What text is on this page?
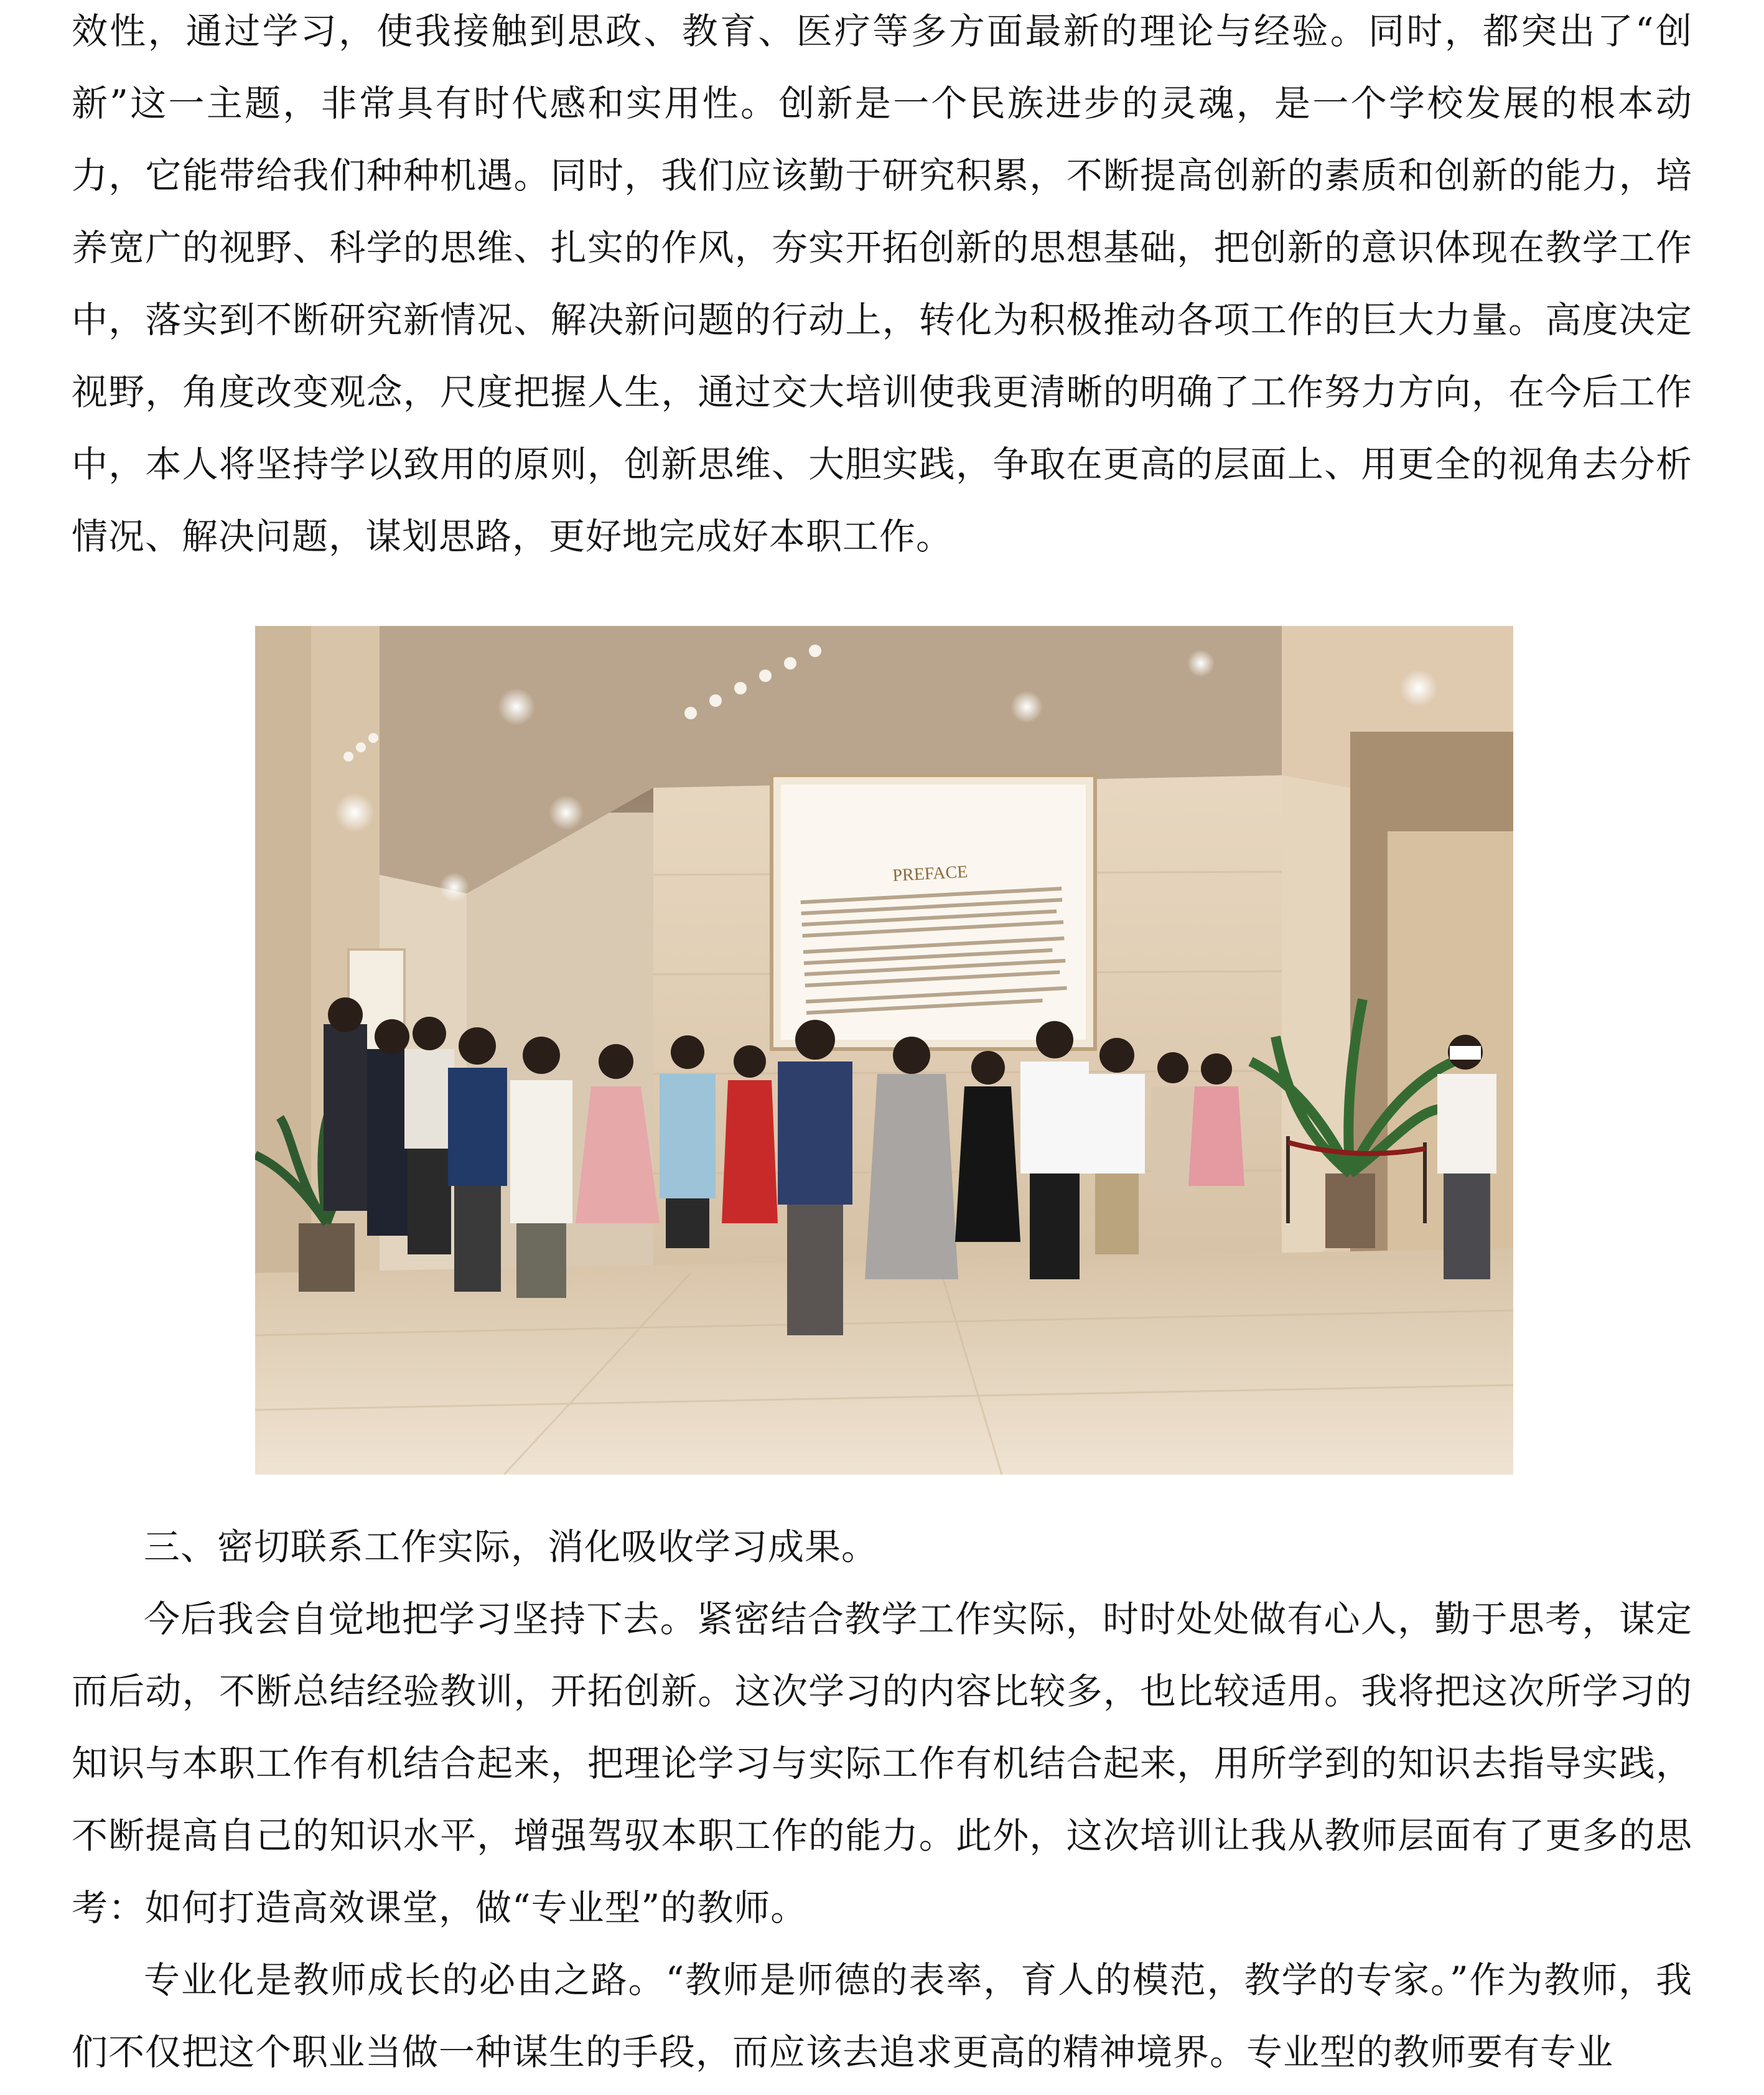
效性，通过学习，使我接触到思政、教育、医疗等多方面最新的理论与经验。同时，都突出了“创新”这一主题，非常具有时代感和实用性。创新是一个民族进步的灵魂，是一个学校发展的根本动力，它能带给我们种种机遇。同时，我们应该勤于研究积累，不断提高创新的素质和创新的能力，培养宽广的视野、科学的思维、扎实的作风，夯实开拓创新的思想基础，把创新的意识体现在教学工作中，落实到不断研究新情况、解决新问题的行动上，转化为积极推动各项工作的巨大力量。高度决定视野，角度改变观念，尺度把握人生，通过交大培训使我更清晰的明确了工作努力方向，在今后工作中，本人将坚持学以致用的原则，创新思维、大胆实践，争取在更高的层面上、用更全的视角去分析情况、解决问题，谋划思路，更好地完成好本职工作。

PREFACE

三、密切联系工作实际，消化吸收学习成果。

今后我会自觉地把学习坚持下去。紧密结合教学工作实际，时时处处做有心人，勤于思考，谋定而后动，不断总结经验教训，开拓创新。这次学习的内容比较多，也比较适用。我将把这次所学习的知识与本职工作有机结合起来，把理论学习与实际工作有机结合起来，用所学到的知识去指导实践，不断提高自己的知识水平，增强驾驭本职工作的能力。此外，这次培训让我从教师层面有了更多的思考：如何打造高效课堂，做“专业型”的教师。

专业化是教师成长的必由之路。“教师是师德的表率，育人的模范，教学的专家。”作为教师，我们不仅把这个职业当做一种谋生的手段，而应该去追求更高的精神境界。专业型的教师要有专业
